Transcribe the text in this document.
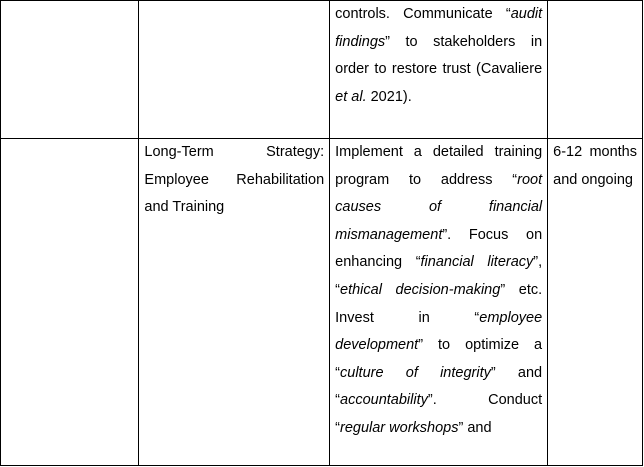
		controls. Communicate “audit findings” to stakeholders in order to restore trust (Cavaliere et al. 2021).	

	Long-Term Strategy: Employee Rehabilitation and Training	Implement a detailed training program to address “root causes of financial mismanagement”. Focus on enhancing “financial literacy”, “ethical decision-making” etc. Invest in “employee development” to optimize a “culture of integrity” and “accountability”. Conduct “regular workshops” and	6-12 months and ongoing
